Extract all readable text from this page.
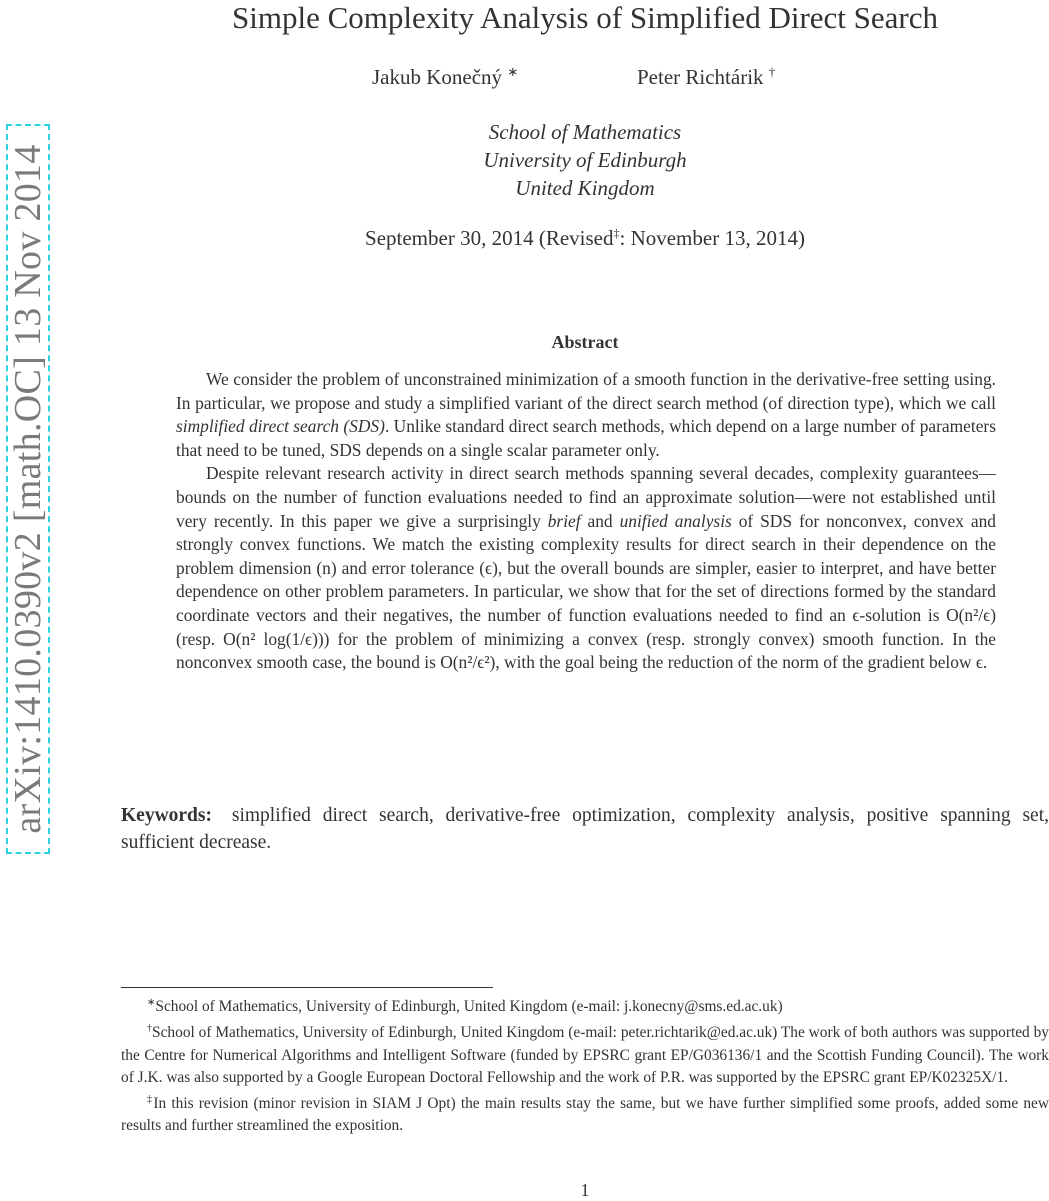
arXiv:1410.0390v2 [math.OC] 13 Nov 2014
Simple Complexity Analysis of Simplified Direct Search
Jakub Konečný ∗	Peter Richtárik †
School of Mathematics
University of Edinburgh
United Kingdom
September 30, 2014 (Revised‡: November 13, 2014)
Abstract

We consider the problem of unconstrained minimization of a smooth function in the derivative-free setting using. In particular, we propose and study a simplified variant of the direct search method (of direction type), which we call simplified direct search (SDS). Unlike standard direct search methods, which depend on a large number of parameters that need to be tuned, SDS depends on a single scalar parameter only.

Despite relevant research activity in direct search methods spanning several decades, complexity guarantees—bounds on the number of function evaluations needed to find an approximate solution—were not established until very recently. In this paper we give a surprisingly brief and unified analysis of SDS for nonconvex, convex and strongly convex functions. We match the existing complexity results for direct search in their dependence on the problem dimension (n) and error tolerance (ϵ), but the overall bounds are simpler, easier to interpret, and have better dependence on other problem parameters. In particular, we show that for the set of directions formed by the standard coordinate vectors and their negatives, the number of function evaluations needed to find an ϵ-solution is O(n²/ϵ) (resp. O(n² log(1/ϵ))) for the problem of minimizing a convex (resp. strongly convex) smooth function. In the nonconvex smooth case, the bound is O(n²/ϵ²), with the goal being the reduction of the norm of the gradient below ϵ.

Keywords: simplified direct search, derivative-free optimization, complexity analysis, positive spanning set, sufficient decrease.

∗School of Mathematics, University of Edinburgh, United Kingdom (e-mail: j.konecny@sms.ed.ac.uk)

†School of Mathematics, University of Edinburgh, United Kingdom (e-mail: peter.richtarik@ed.ac.uk) The work of both authors was supported by the Centre for Numerical Algorithms and Intelligent Software (funded by EPSRC grant EP/G036136/1 and the Scottish Funding Council). The work of J.K. was also supported by a Google European Doctoral Fellowship and the work of P.R. was supported by the EPSRC grant EP/K02325X/1.

‡In this revision (minor revision in SIAM J Opt) the main results stay the same, but we have further simplified some proofs, added some new results and further streamlined the exposition.

1
